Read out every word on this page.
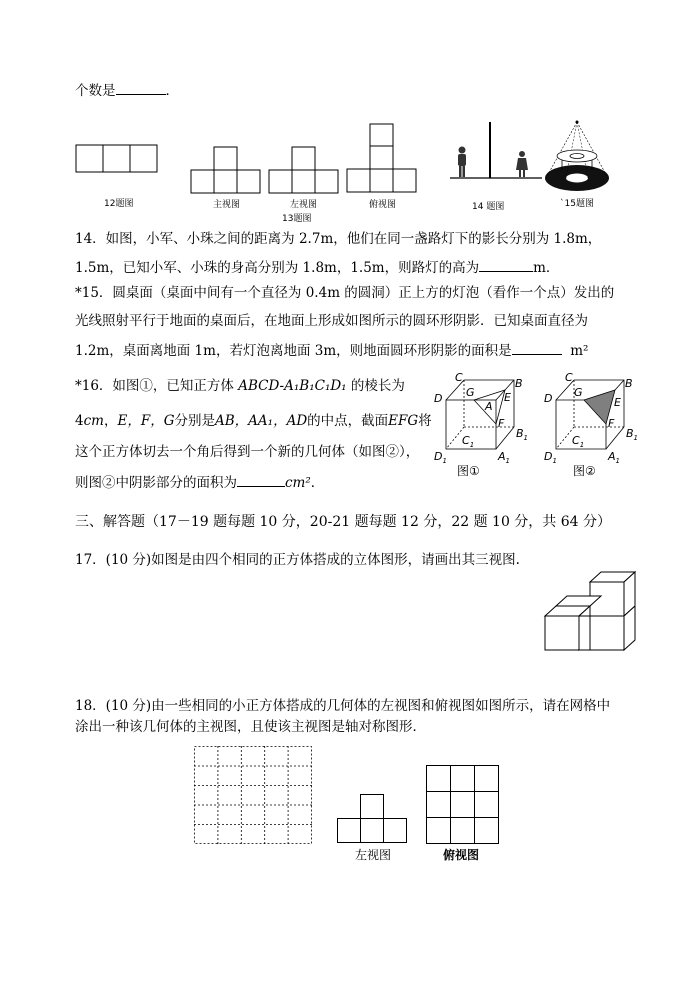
个数是	．
12题图	主视图	左视图	俯视图
13题图
14 题图	`15题图
14．如图，小军、小珠之间的距离为 2.7m，他们在同一盏路灯下的影长分别为 1.8m，
1.5m，已知小军、小珠的身高分别为 1.8m，1.5m，则路灯的高为	m．
*15．圆桌面（桌面中间有一个直径为 0.4m 的圆洞）正上方的灯泡（看作一个点）发出的
光线照射平行于地面的桌面后，在地面上形成如图所示的圆环形阴影．已知桌面直径为
1.2m，桌面离地面 1m，若灯泡离地面 3m，则地面圆环形阴影的面积是	m²
*16．如图①，已知正方体 ABCD-A₁B₁C₁D₁ 的棱长为
4cm，E，F，G分别是AB，AA₁，AD的中点，截面EFG将
这个正方体切去一个角后得到一个新的几何体（如图②），
则图②中阴影部分的面积为	cm²．
C	B
D G
A
E
F
$B_1$
$C_1$
$D_1$	$A_1$
图①
C	B
D G
E
F
$B_1$
$C_1$
$D_1$	$A_1$
图②
三、解答题（17－19 题每题 10 分，20-21 题每题 12 分，22 题 10 分，共 64 分）
17．(10 分)如图是由四个相同的正方体搭成的立体图形，请画出其三视图.
18．(10 分)由一些相同的小正方体搭成的几何体的左视图和俯视图如图所示，请在网格中
涂出一种该几何体的主视图，且使该主视图是轴对称图形．
左视图	俯视图
